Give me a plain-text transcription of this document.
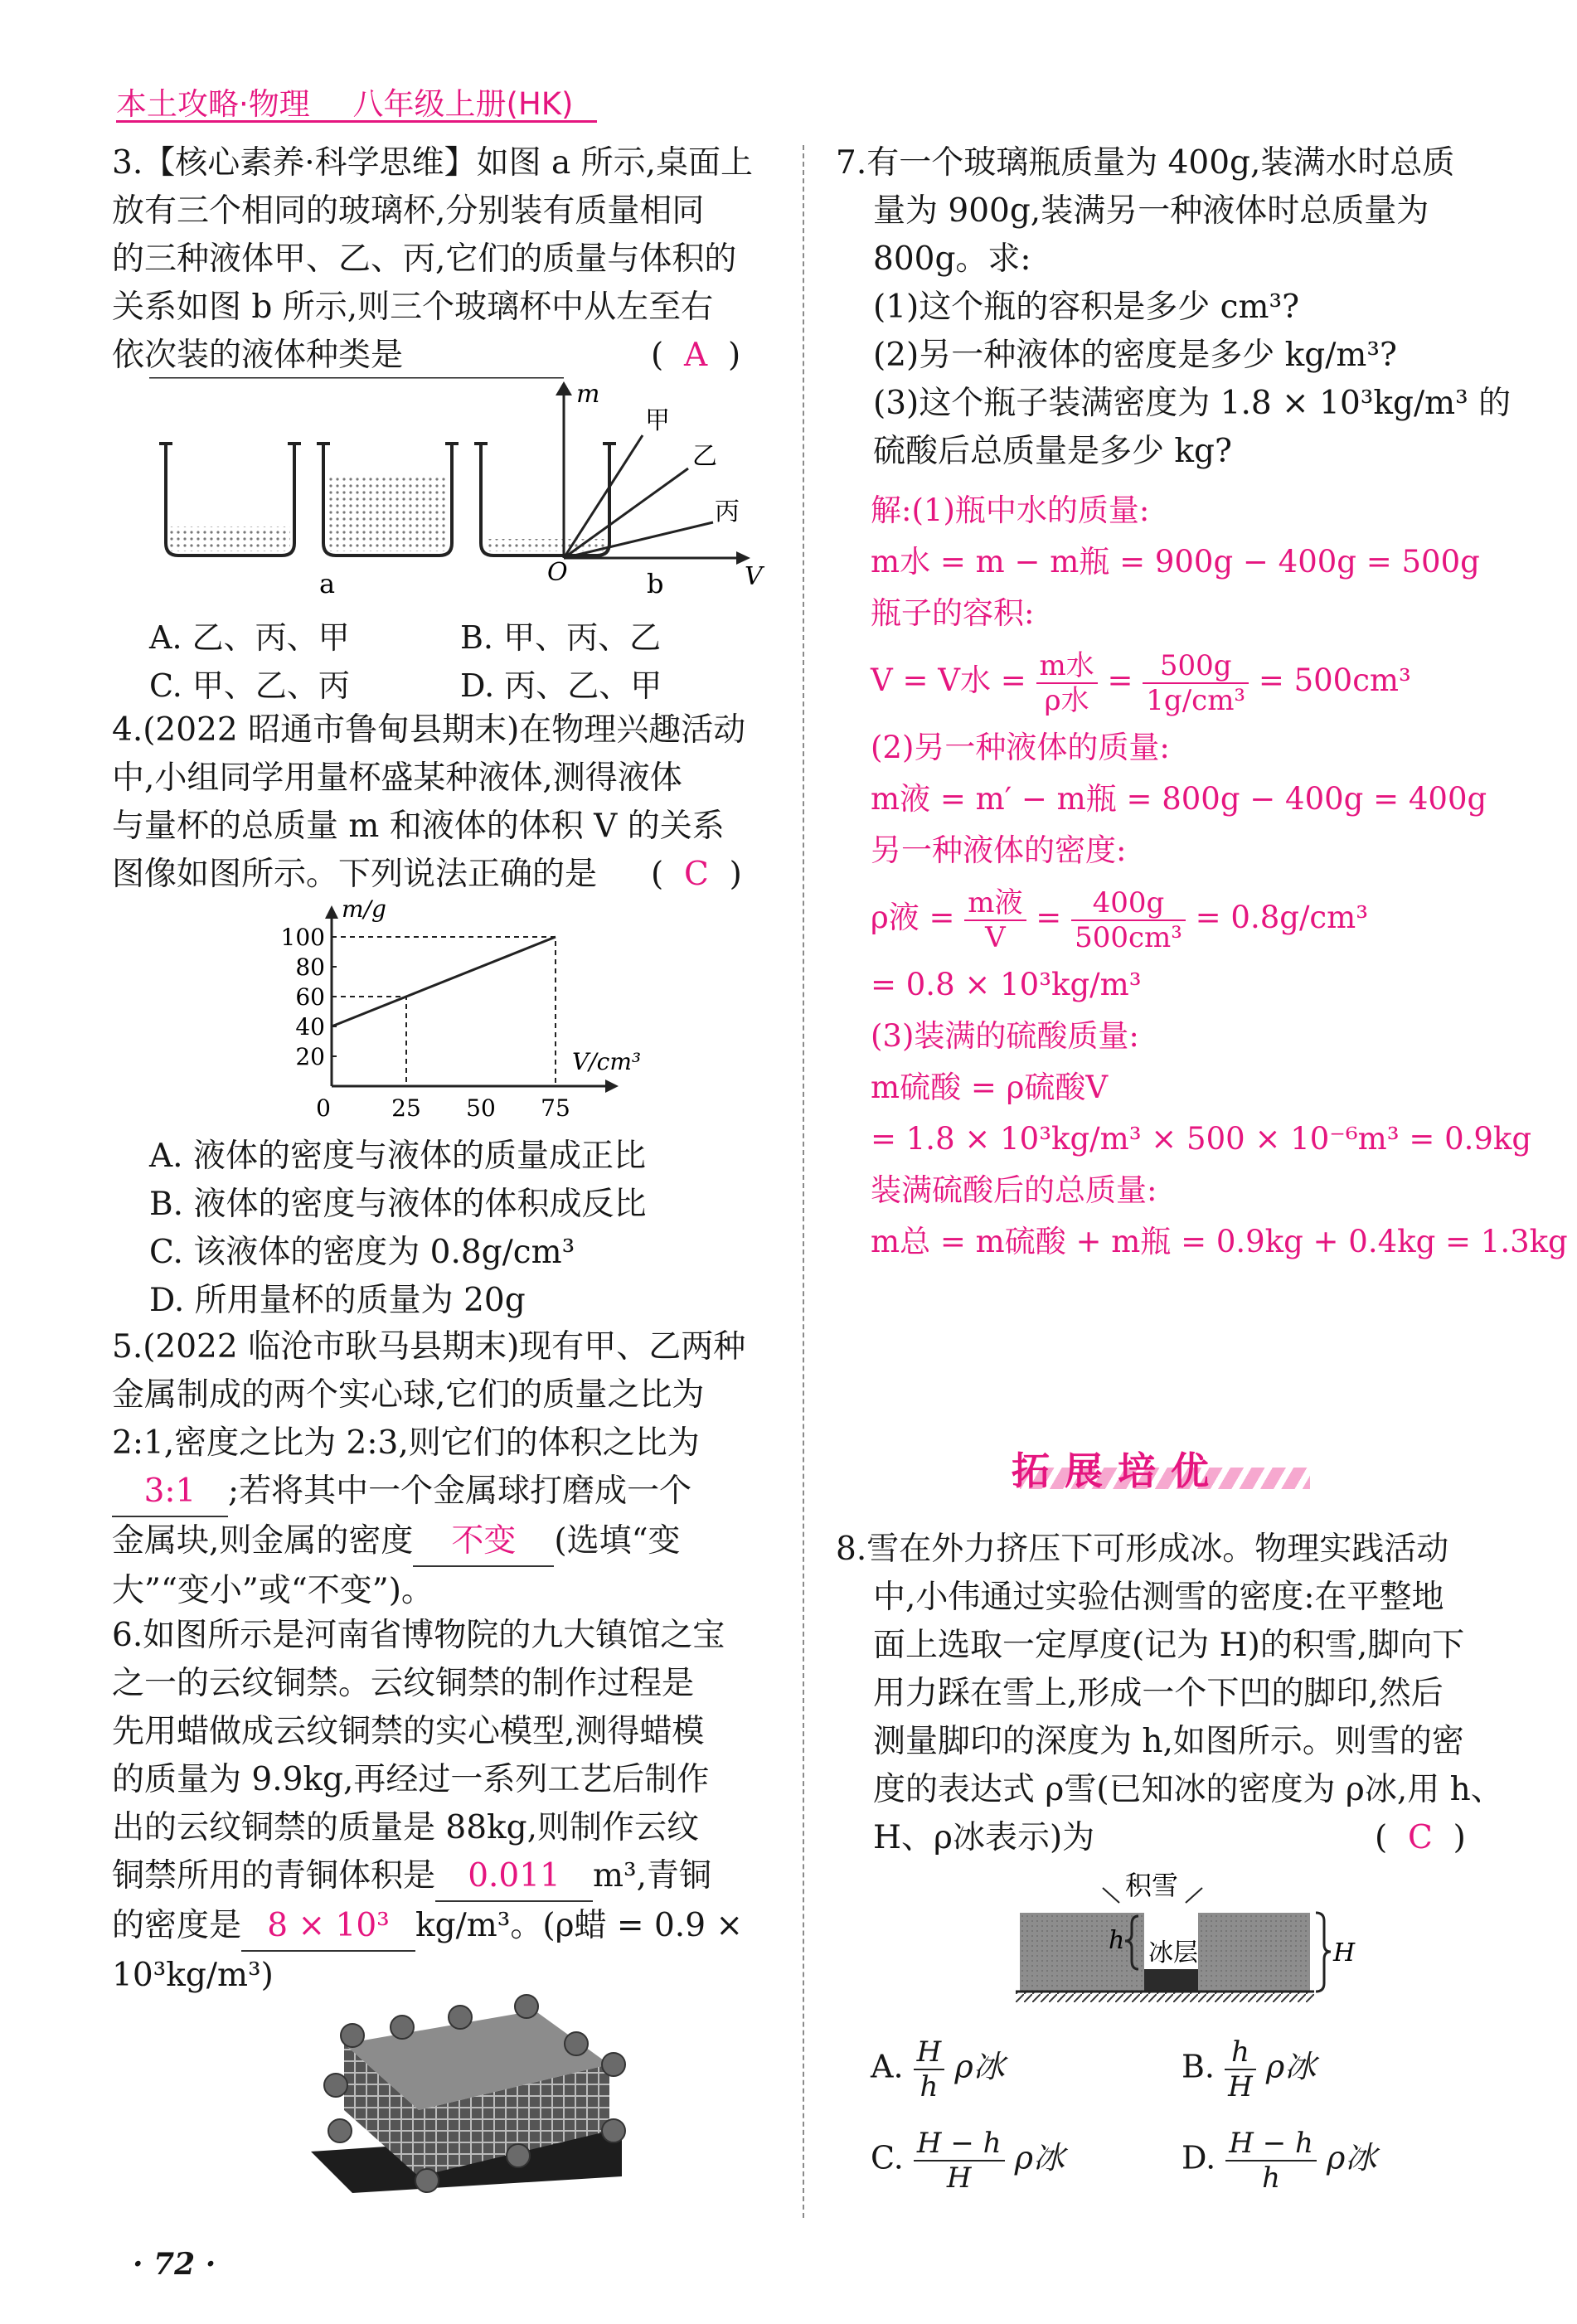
本土攻略·物理 八年级上册(HK)

3.【核心素养·科学思维】如图 a 所示,桌面上

放有三个相同的玻璃杯,分别装有质量相同

的三种液体甲、乙、丙,它们的质量与体积的

关系如图 b 所示,则三个玻璃杯中从左至右

依次装的液体种类是	(  A  )

a
m
V
O
甲
乙
丙
b
A. 乙、丙、甲	B. 甲、丙、乙
C. 甲、乙、丙	D. 丙、乙、甲

4.(2022 昭通市鲁甸县期末)在物理兴趣活动

中,小组同学用量杯盛某种液体,测得液体

与量杯的总质量 m 和液体的体积 V 的关系

图像如图所示。下列说法正确的是 (  C  )

20
40
60
80
100
0	25 50 75
V/cm³
m/g

A. 液体的密度与液体的质量成正比

B. 液体的密度与液体的体积成反比

C. 该液体的密度为 0.8g/cm³

D. 所用量杯的质量为 20g

5.(2022 临沧市耿马县期末)现有甲、乙两种

金属制成的两个实心球,它们的质量之比为

2:1,密度之比为 2:3,则它们的体积之比为

3:1 ;若将其中一个金属球打磨成一个

金属块,则金属的密度 不变 (选填“变

大”“变小”或“不变”)。

6.如图所示是河南省博物院的九大镇馆之宝

之一的云纹铜禁。云纹铜禁的制作过程是

先用蜡做成云纹铜禁的实心模型,测得蜡模

的质量为 9.9kg,再经过一系列工艺后制作

出的云纹铜禁的质量是 88kg,则制作云纹

铜禁所用的青铜体积是 0.011 m³,青铜

的密度是 8 × 10³ kg/m³。(ρ蜡 = 0.9 ×

10³kg/m³)

· 72 ·

7.有一个玻璃瓶质量为 400g,装满水时总质

量为 900g,装满另一种液体时总质量为

800g。求:

(1)这个瓶的容积是多少 cm³?

(2)另一种液体的密度是多少 kg/m³?

(3)这个瓶子装满密度为 1.8 × 10³kg/m³ 的

硫酸后总质量是多少 kg?

解:(1)瓶中水的质量:

m水 = m − m瓶 = 900g − 400g = 500g

瓶子的容积:

V = V水 = $\frac{\text{m水}}{\text{ρ水}} = \frac{500g}{\text{1g/cm³}} = 500cm^3$

(2)另一种液体的质量:

m液 = m′ − m瓶 = 800g − 400g = 400g

另一种液体的密度:

ρ液 = $\frac{\text{m液}}{V} = \frac{400g}{\text{500cm³}} = 0.8g/cm^3$

= 0.8 × 10³kg/m³

(3)装满的硫酸质量:

m硫酸 = ρ硫酸V

= 1.8 × 10³kg/m³ × 500 × 10⁻⁶m³ = 0.9kg

装满硫酸后的总质量:

m总 = m硫酸 + m瓶 = 0.9kg + 0.4kg = 1.3kg

拓展培优

8.雪在外力挤压下可形成冰。物理实践活动

中,小伟通过实验估测雪的密度:在平整地

面上选取一定厚度(记为 H)的积雪,脚向下

用力踩在雪上,形成一个下凹的脚印,然后

测量脚印的深度为 h,如图所示。则雪的密

度的表达式 ρ雪(已知冰的密度为 ρ冰,用 h、

H、ρ冰表示)为	(  C  )

积雪
冰层
h	H
A. $\frac{H}{h}$ ρ冰	B. $\frac{h}{H}$ ρ冰
C. $\frac{H - h}{H}$ ρ冰	D. $\frac{H - h}{h}$ ρ冰
